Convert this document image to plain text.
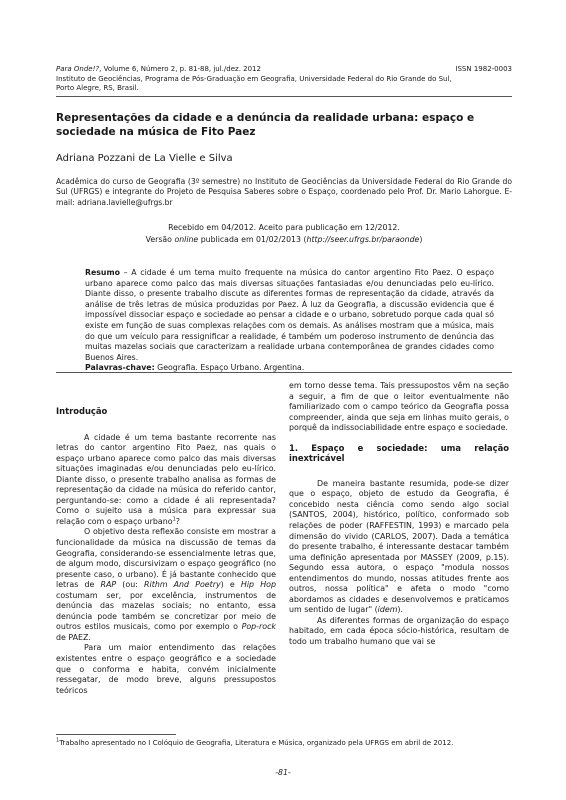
Para Onde!?, Volume 6, Número 2, p. 81-88, jul./dez. 2012
Instituto de Geociências, Programa de Pós-Graduação em Geografia, Universidade Federal do Rio Grande do Sul,
Porto Alegre, RS, Brasil.
ISSN 1982-0003
Representações da cidade e a denúncia da realidade urbana: espaço e sociedade na música de Fito Paez
Adriana Pozzani de La Vielle e Silva
Acadêmica do curso de Geografia (3º semestre) no Instituto de Geociências da Universidade Federal do Rio Grande do Sul (UFRGS) e integrante do Projeto de Pesquisa Saberes sobre o Espaço, coordenado pelo Prof. Dr. Mario Lahorgue. E-mail: adriana.lavielle@ufrgs.br
Recebido em 04/2012. Aceito para publicação em 12/2012.
Versão online publicada em 01/02/2013 (http://seer.ufrgs.br/paraonde)
Resumo – A cidade é um tema muito frequente na música do cantor argentino Fito Paez. O espaço urbano aparece como palco das mais diversas situações fantasiadas e/ou denunciadas pelo eu-lírico. Diante disso, o presente trabalho discute as diferentes formas de representação da cidade, através da análise de três letras de música produzidas por Paez. À luz da Geografia, a discussão evidencia que é impossível dissociar espaço e sociedade ao pensar a cidade e o urbano, sobretudo porque cada qual só existe em função de suas complexas relações com os demais. As análises mostram que a música, mais do que um veículo para ressignificar a realidade, é também um poderoso instrumento de denúncia das muitas mazelas sociais que caracterizam a realidade urbana contemporânea de grandes cidades como Buenos Aires.
Palavras-chave: Geografia. Espaço Urbano. Argentina.
Introdução

A cidade é um tema bastante recorrente nas letras do cantor argentino Fito Paez, nas quais o espaço urbano aparece como palco das mais diversas situações imaginadas e/ou denunciadas pelo eu-lírico. Diante disso, o presente trabalho analisa as formas de representação da cidade na música do referido cantor, perguntando-se: como a cidade é ali representada? Como o sujeito usa a música para expressar sua relação com o espaço urbano$^1$?

O objetivo desta reflexão consiste em mostrar a funcionalidade da música na discussão de temas da Geografia, considerando-se essencialmente letras que, de algum modo, discursivizam o espaço geográfico (no presente caso, o urbano). É já bastante conhecido que letras de RAP (ou: Rithm And Poetry) e Hip Hop costumam ser, por excelência, instrumentos de denúncia das mazelas sociais; no entanto, essa denúncia pode também se concretizar por meio de outros estilos musicais, como por exemplo o Pop-rock de PAEZ.

Para um maior entendimento das relações existentes entre o espaço geográfico e a sociedade que o conforma e habita, convém inicialmente ressegatar, de modo breve, alguns pressupostos teóricos

em torno desse tema. Tais pressupostos vêm na seção a seguir, a fim de que o leitor eventualmente não familiarizado com o campo teórico da Geografia possa compreender, ainda que seja em linhas muito gerais, o porquê da indissociabilidade entre espaço e sociedade.

1. Espaço e sociedade: uma relação inextricável

De maneira bastante resumida, pode-se dizer que o espaço, objeto de estudo da Geografia, é concebido nesta ciência como sendo algo social (SANTOS, 2004), histórico, político, conformado sob relações de poder (RAFFESTIN, 1993) e marcado pela dimensão do vivido (CARLOS, 2007). Dada a temática do presente trabalho, é interessante destacar também uma definição apresentada por MASSEY (2009, p.15). Segundo essa autora, o espaço "modula nossos entendimentos do mundo, nossas atitudes frente aos outros, nossa política" e afeta o modo "como abordamos as cidades e desenvolvemos e praticamos um sentido de lugar" (idem).

As diferentes formas de organização do espaço habitado, em cada época sócio-histórica, resultam de todo um trabalho humano que vai se

$^1$Trabalho apresentado no I Colóquio de Geografia, Literatura e Música, organizado pela UFRGS em abril de 2012.
-81-
